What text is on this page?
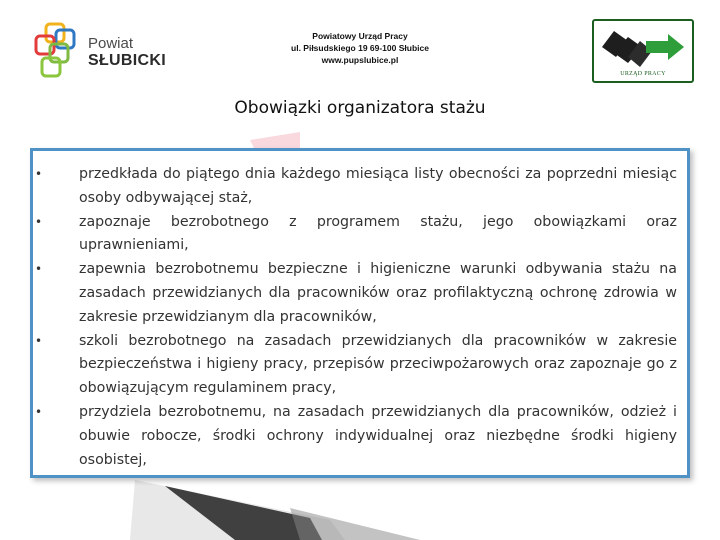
Powiat
SŁUBICKI
Powiatowy Urząd Pracy
ul. Piłsudskiego 19 69-100 Słubice
www.pupslubice.pl
URZĄD PRACY
Obowiązki organizatora stażu
•	przedkłada do piątego dnia każdego miesiąca listy obecności za poprzedni miesiąc osoby odbywającej staż,
•	zapoznaje bezrobotnego z programem stażu, jego obowiązkami oraz uprawnieniami,
•	zapewnia bezrobotnemu bezpieczne i higieniczne warunki odbywania stażu na zasadach przewidzianych dla pracowników oraz profilaktyczną ochronę zdrowia w zakresie przewidzianym dla pracowników,
•	szkoli bezrobotnego na zasadach przewidzianych dla pracowników w zakresie bezpieczeństwa i higieny pracy, przepisów przeciwpożarowych oraz zapoznaje go z obowiązującym regulaminem pracy,
•	przydziela bezrobotnemu, na zasadach przewidzianych dla pracowników, odzież i obuwie robocze, środki ochrony indywidualnej oraz niezbędne środki higieny osobistej,
